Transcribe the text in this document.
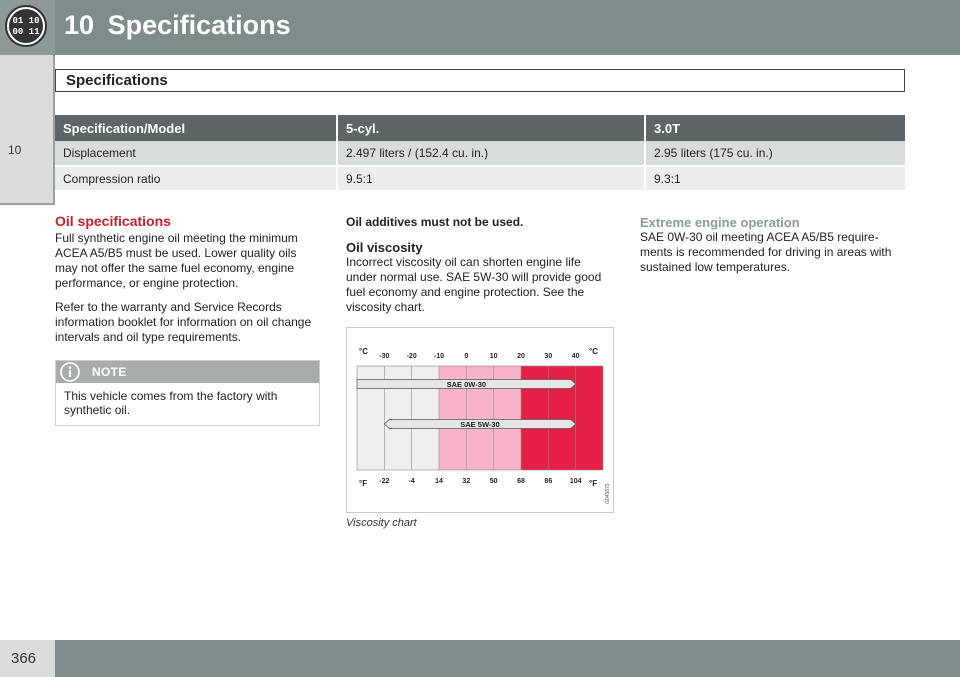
01 10
00 11 10 Specifications
10
Specifications
Specification/Model	5-cyl.	3.0T
Displacement	2.497 liters / (152.4 cu. in.)	2.95 liters (175 cu. in.)
Compression ratio	9.5:1	9.3:1
Oil specifications

Full synthetic engine oil meeting the minimum ACEA A5/B5 must be used. Lower quality oils may not offer the same fuel economy, engine performance, or engine protection.

Refer to the warranty and Service Records information booklet for information on oil change intervals and oil type requirements.

NOTE
This vehicle comes from the factory with synthetic oil.

Oil additives must not be used.

Oil viscosity

Incorrect viscosity oil can shorten engine life under normal use. SAE 5W-30 will provide good fuel economy and engine protection. See the viscosity chart.

°C	°C
°F	°F
-30 -20 -10	0	10	20	30	40
-22	-4	14	32	50	68	86	104
SAE 0W-30
SAE 5W-30
G045875
Viscosity chart
Extreme engine operation

SAE 0W-30 oil meeting ACEA A5/B5 require-ments is recommended for driving in areas with sustained low temperatures.

366
